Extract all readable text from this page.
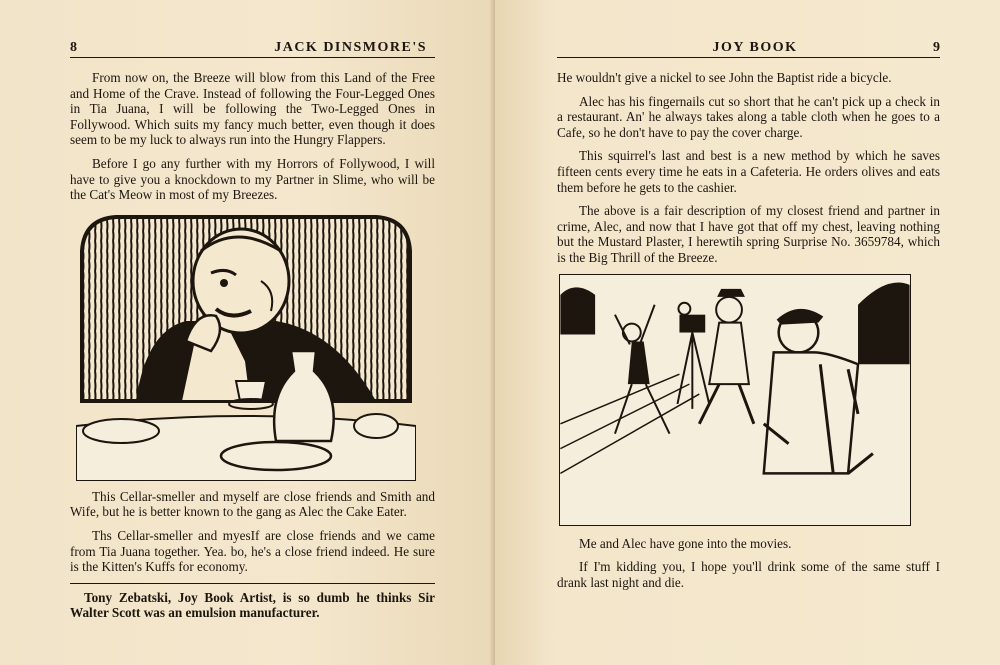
8	JACK DINSMORE'S

From now on, the Breeze will blow from this Land of the Free and Home of the Crave. Instead of following the Four-Legged Ones in Tia Juana, I will be following the Two-Legged Ones in Follywood. Which suits my fancy much better, even though it does seem to be my luck to always run into the Hungry Flappers.

Before I go any further with my Horrors of Follywood, I will have to give you a knockdown to my Partner in Slime, who will be the Cat's Meow in most of my Breezes.

This Cellar-smeller and myself are close friends and Smith and Wife, but he is better known to the gang as Alec the Cake Eater.

Ths Cellar-smeller and myesIf are close friends and we came from Tia Juana together. Yea. bo, he's a close friend indeed. He sure is the Kitten's Kuffs for economy.

Tony Zebatski, Joy Book Artist, is so dumb he thinks Sir Walter Scott was an emulsion manufacturer.

JOY BOOK	9

He wouldn't give a nickel to see John the Baptist ride a bicycle.

Alec has his fingernails cut so short that he can't pick up a check in a restaurant. An' he always takes along a table cloth when he goes to a Cafe, so he don't have to pay the cover charge.

This squirrel's last and best is a new method by which he saves fifteen cents every time he eats in a Cafeteria. He orders olives and eats them before he gets to the cashier.

The above is a fair description of my closest friend and partner in crime, Alec, and now that I have got that off my chest, leaving nothing but the Mustard Plaster, I herewtih spring Surprise No. 3659784, which is the Big Thrill of the Breeze.

Me and Alec have gone into the movies.

If I'm kidding you, I hope you'll drink some of the same stuff I drank last night and die.
